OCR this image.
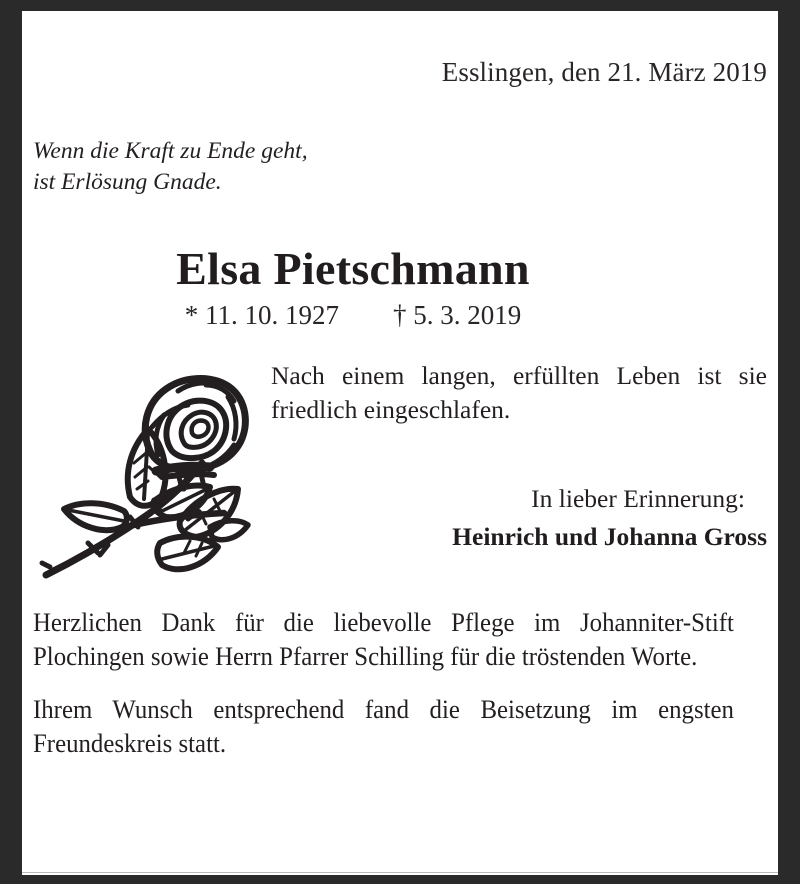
Esslingen, den 21. März 2019
Wenn die Kraft zu Ende geht,
ist Erlösung Gnade.
Elsa Pietschmann
* 11. 10. 1927        † 5. 3. 2019
Nach einem langen, erfüllten Leben ist sie friedlich eingeschlafen.
In lieber Erinnerung:
Heinrich und Johanna Gross

Herzlichen Dank für die liebevolle Pflege im Johanniter-Stift Plochingen sowie Herrn Pfarrer Schilling für die tröstenden Worte.

Ihrem Wunsch entsprechend fand die Beisetzung im engsten Freundeskreis statt.
